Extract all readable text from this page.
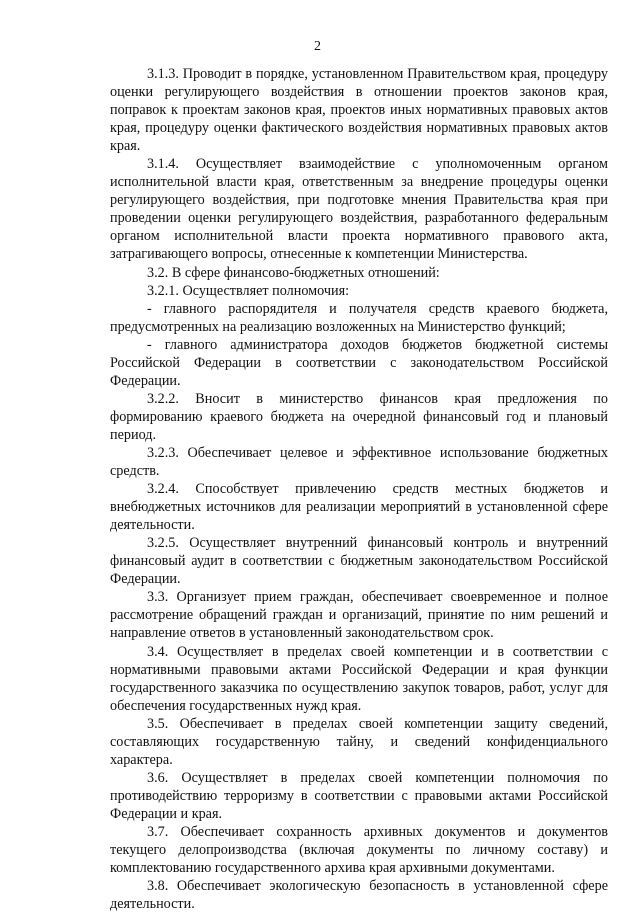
2

3.1.3. Проводит в порядке, установленном Правительством края, процедуру оценки регулирующего воздействия в отношении проектов законов края, поправок к проектам законов края, проектов иных нормативных правовых актов края, процедуру оценки фактического воздействия нормативных правовых актов края.

3.1.4. Осуществляет взаимодействие с уполномоченным органом исполнительной власти края, ответственным за внедрение процедуры оценки регулирующего воздействия, при подготовке мнения Правительства края при проведении оценки регулирующего воздействия, разработанного федеральным органом исполнительной власти проекта нормативного правового акта, затрагивающего вопросы, отнесенные к компетенции Министерства.

3.2. В сфере финансово-бюджетных отношений:

3.2.1. Осуществляет полномочия:

- главного распорядителя и получателя средств краевого бюджета, предусмотренных на реализацию возложенных на Министерство функций;

- главного администратора доходов бюджетов бюджетной системы Российской Федерации в соответствии с законодательством Российской Федерации.

3.2.2. Вносит в министерство финансов края предложения по формированию краевого бюджета на очередной финансовый год и плановый период.

3.2.3. Обеспечивает целевое и эффективное использование бюджетных средств.

3.2.4. Способствует привлечению средств местных бюджетов и внебюджетных источников для реализации мероприятий в установленной сфере деятельности.

3.2.5. Осуществляет внутренний финансовый контроль и внутренний финансовый аудит в соответствии с бюджетным законодательством Российской Федерации.

3.3. Организует прием граждан, обеспечивает своевременное и полное рассмотрение обращений граждан и организаций, принятие по ним решений и направление ответов в установленный законодательством срок.

3.4. Осуществляет в пределах своей компетенции и в соответствии с нормативными правовыми актами Российской Федерации и края функции государственного заказчика по осуществлению закупок товаров, работ, услуг для обеспечения государственных нужд края.

3.5. Обеспечивает в пределах своей компетенции защиту сведений, составляющих государственную тайну, и сведений конфиденциального характера.

3.6. Осуществляет в пределах своей компетенции полномочия по противодействию терроризму в соответствии с правовыми актами Российской Федерации и края.

3.7. Обеспечивает сохранность архивных документов и документов текущего делопроизводства (включая документы по личному составу) и комплектованию государственного архива края архивными документами.

3.8. Обеспечивает экологическую безопасность в установленной сфере деятельности.
